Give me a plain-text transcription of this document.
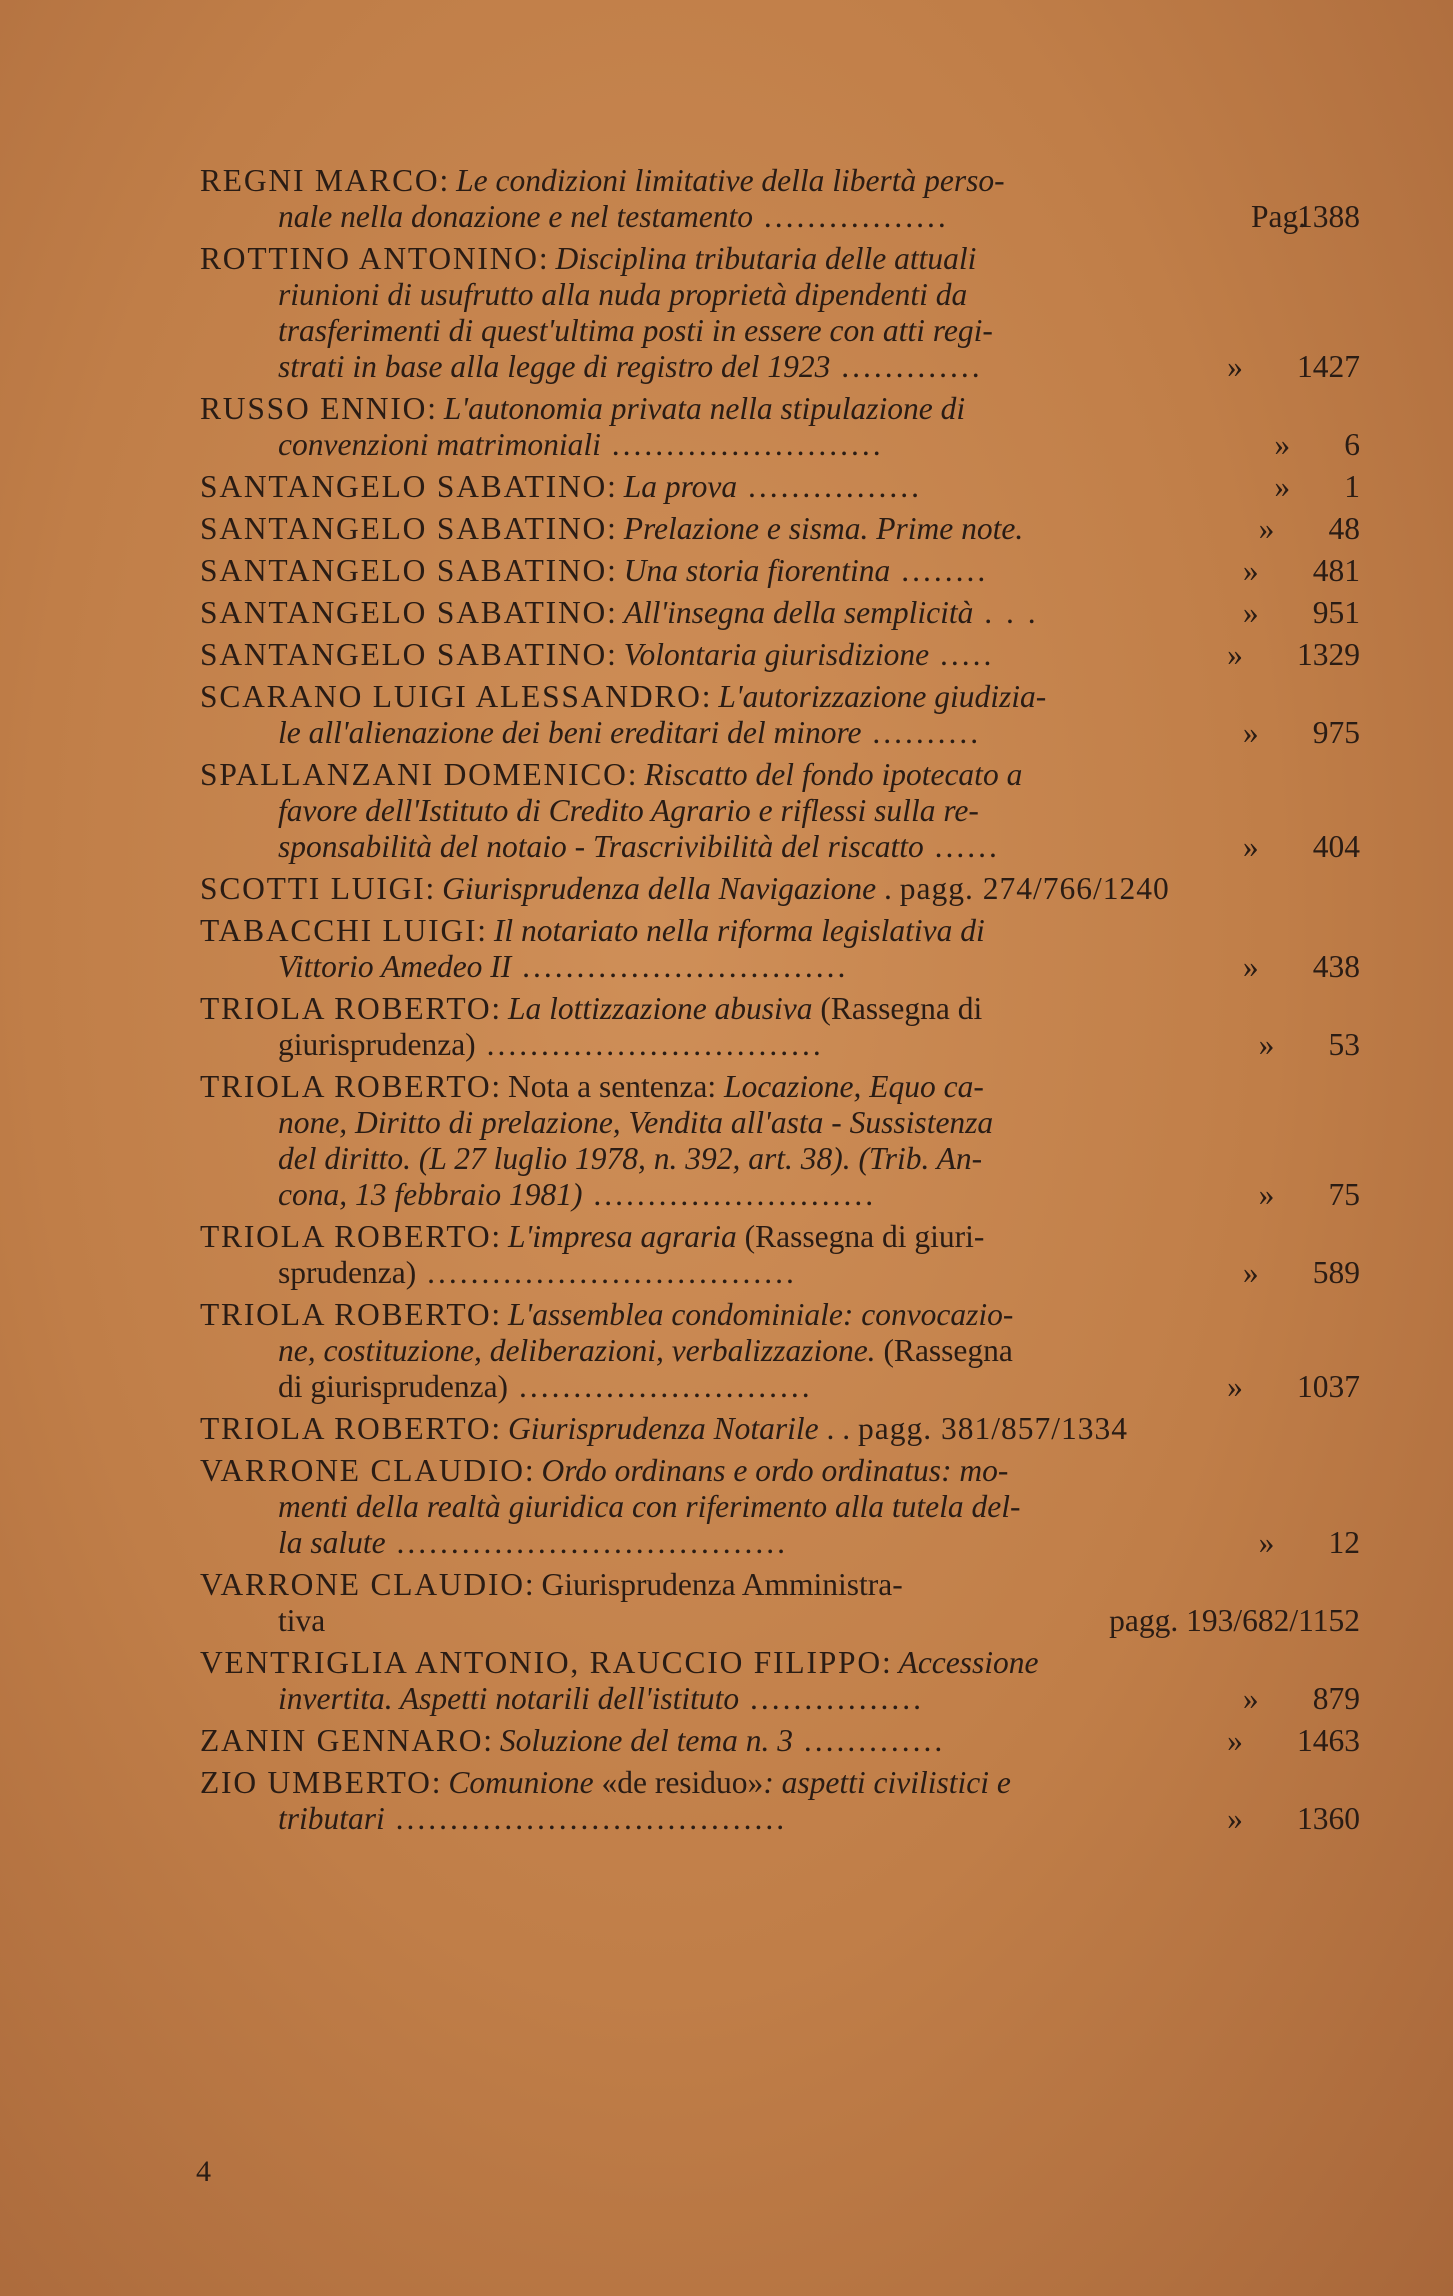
REGNI MARCO: Le condizioni limitative della libertà perso-
nale nella donazione e nel testamento .................	Pag.1388
ROTTINO ANTONINO: Disciplina tributaria delle attuali
riunioni di usufrutto alla nuda proprietà dipendenti da
trasferimenti di quest'ultima posti in essere con atti regi-
strati in base alla legge di registro del 1923 .............	» 1427
RUSSO ENNIO: L'autonomia privata nella stipulazione di
convenzioni matrimoniali .........................	» 6
SANTANGELO SABATINO: La prova ................	» 1
SANTANGELO SABATINO: Prelazione e sisma. Prime note.	» 48
SANTANGELO SABATINO: Una storia fiorentina ........	» 481
SANTANGELO SABATINO: All'insegna della semplicità . . .	» 951
SANTANGELO SABATINO: Volontaria giurisdizione .....	» 1329
SCARANO LUIGI ALESSANDRO: L'autorizzazione giudizia-
le all'alienazione dei beni ereditari del minore ..........	» 975
SPALLANZANI DOMENICO: Riscatto del fondo ipotecato a
favore dell'Istituto di Credito Agrario e riflessi sulla re-
sponsabilità del notaio - Trascrivibilità del riscatto ......	» 404
SCOTTI LUIGI: Giurisprudenza della Navigazione . pagg. 274/766/1240
TABACCHI LUIGI: Il notariato nella riforma legislativa di
Vittorio Amedeo II ..............................	» 438
TRIOLA ROBERTO: La lottizzazione abusiva (Rassegna di
giurisprudenza) ...............................	» 53
TRIOLA ROBERTO: Nota a sentenza: Locazione, Equo ca-
none, Diritto di prelazione, Vendita all'asta - Sussistenza
del diritto. (L 27 luglio 1978, n. 392, art. 38). (Trib. An-
cona, 13 febbraio 1981) ..........................	» 75
TRIOLA ROBERTO: L'impresa agraria (Rassegna di giuri-
sprudenza) ..................................	» 589
TRIOLA ROBERTO: L'assemblea condominiale: convocazio-
ne, costituzione, deliberazioni, verbalizzazione. (Rassegna
di giurisprudenza) ...........................	» 1037
TRIOLA ROBERTO: Giurisprudenza Notarile . . pagg. 381/857/1334
VARRONE CLAUDIO: Ordo ordinans e ordo ordinatus: mo-
menti della realtà giuridica con riferimento alla tutela del-
la salute ....................................	» 12
VARRONE CLAUDIO: Giurisprudenza Amministra-
tiva	pagg. 193/682/1152
VENTRIGLIA ANTONIO, RAUCCIO FILIPPO: Accessione
invertita. Aspetti notarili dell'istituto ................	» 879
ZANIN GENNARO: Soluzione del tema n. 3 .............	» 1463
ZIO UMBERTO: Comunione «de residuo»: aspetti civilistici e
tributari ....................................	» 1360
4
